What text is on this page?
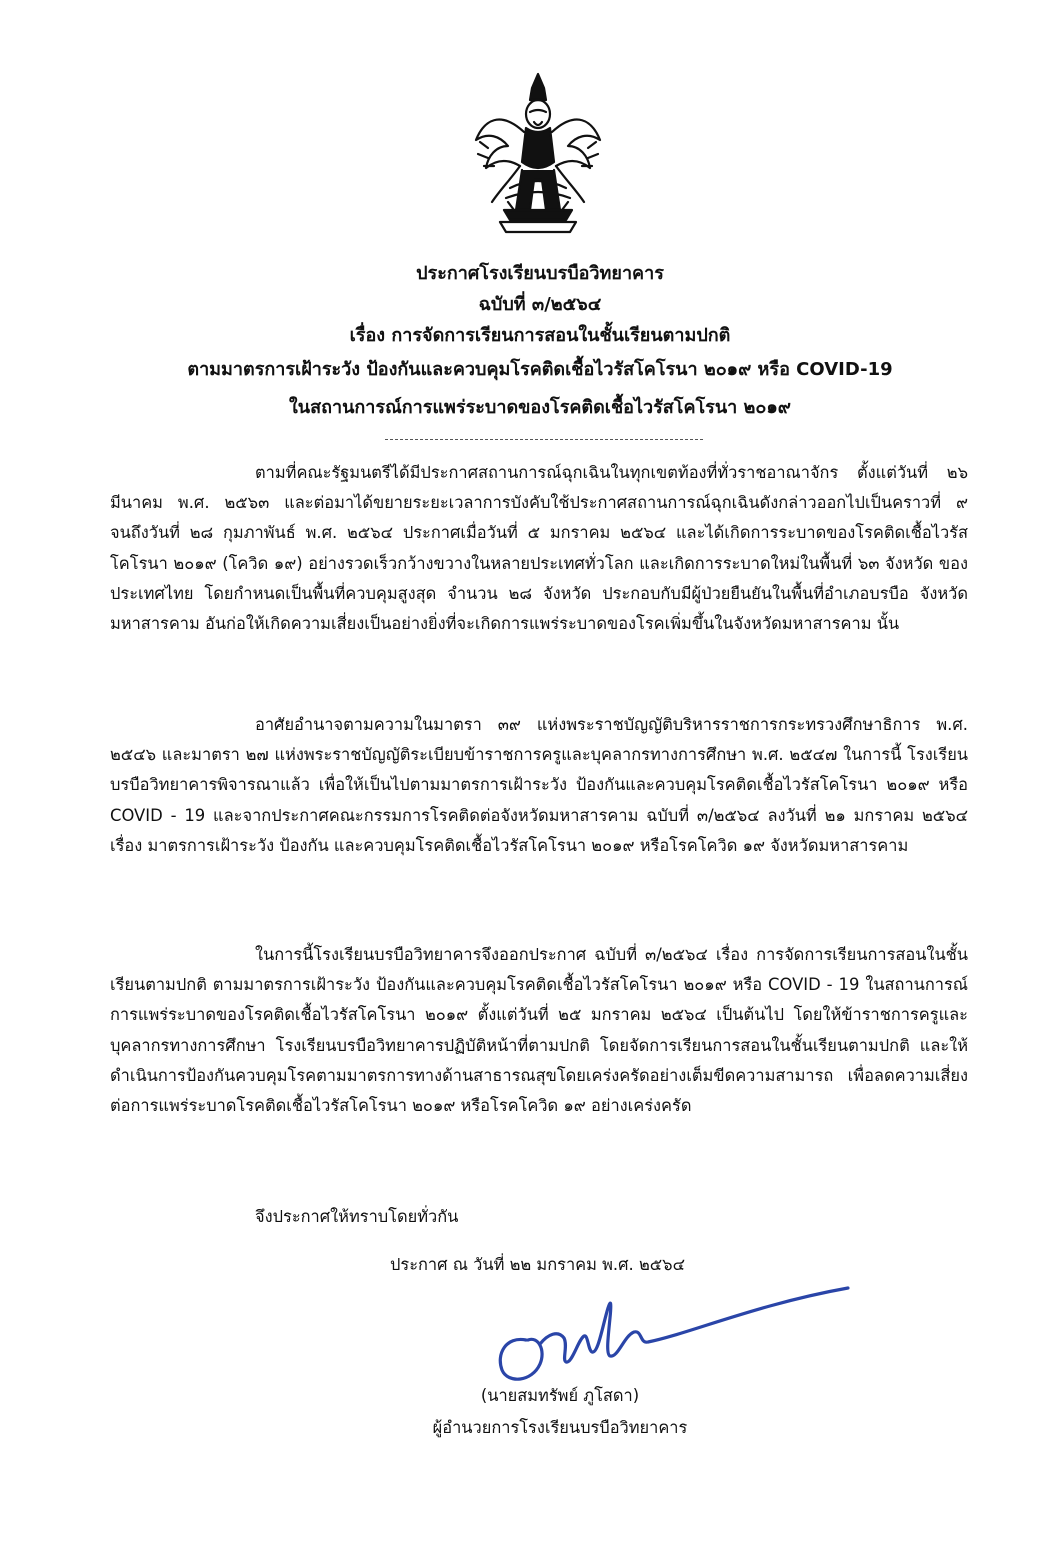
ประกาศโรงเรียนบรบือวิทยาคาร
ฉบับที่ ๓/๒๕๖๔
เรื่อง การจัดการเรียนการสอนในชั้นเรียนตามปกติ
ตามมาตรการเฝ้าระวัง ป้องกันและควบคุมโรคติดเชื้อไวรัสโคโรนา ๒๐๑๙ หรือ COVID-19
ในสถานการณ์การแพร่ระบาดของโรคติดเชื้อไวรัสโคโรนา ๒๐๑๙

ตามที่คณะรัฐมนตรีได้มีประกาศสถานการณ์ฉุกเฉินในทุกเขตท้องที่ทั่วราชอาณาจักร ตั้งแต่วันที่ ๒๖ มีนาคม พ.ศ. ๒๕๖๓ และต่อมาได้ขยายระยะเวลาการบังคับใช้ประกาศสถานการณ์ฉุกเฉินดังกล่าวออกไปเป็นคราวที่ ๙ จนถึงวันที่ ๒๘ กุมภาพันธ์ พ.ศ. ๒๕๖๔ ประกาศเมื่อวันที่ ๕ มกราคม ๒๕๖๔ และได้เกิดการระบาดของโรคติดเชื้อไวรัส โคโรนา ๒๐๑๙ (โควิด ๑๙) อย่างรวดเร็วกว้างขวางในหลายประเทศทั่วโลก และเกิดการระบาดใหม่ในพื้นที่ ๖๓ จังหวัด ของประเทศไทย โดยกำหนดเป็นพื้นที่ควบคุมสูงสุด จำนวน ๒๘ จังหวัด ประกอบกับมีผู้ป่วยยืนยันในพื้นที่อำเภอบรบือ จังหวัดมหาสารคาม อันก่อให้เกิดความเสี่ยงเป็นอย่างยิ่งที่จะเกิดการแพร่ระบาดของโรคเพิ่มขึ้นในจังหวัดมหาสารคาม นั้น

อาศัยอำนาจตามความในมาตรา ๓๙ แห่งพระราชบัญญัติบริหารราชการกระทรวงศึกษาธิการ พ.ศ. ๒๕๔๖ และมาตรา ๒๗ แห่งพระราชบัญญัติระเบียบข้าราชการครูและบุคลากรทางการศึกษา พ.ศ. ๒๕๔๗ ในการนี้ โรงเรียนบรบือวิทยาคารพิจารณาแล้ว เพื่อให้เป็นไปตามมาตรการเฝ้าระวัง ป้องกันและควบคุมโรคติดเชื้อไวรัสโคโรนา ๒๐๑๙ หรือ COVID - 19 และจากประกาศคณะกรรมการโรคติดต่อจังหวัดมหาสารคาม ฉบับที่ ๓/๒๕๖๔ ลงวันที่ ๒๑ มกราคม ๒๕๖๔ เรื่อง มาตรการเฝ้าระวัง ป้องกัน และควบคุมโรคติดเชื้อไวรัสโคโรนา ๒๐๑๙ หรือโรคโควิด ๑๙ จังหวัดมหาสารคาม

ในการนี้โรงเรียนบรบือวิทยาคารจึงออกประกาศ ฉบับที่ ๓/๒๕๖๔ เรื่อง การจัดการเรียนการสอนในชั้นเรียนตามปกติ ตามมาตรการเฝ้าระวัง ป้องกันและควบคุมโรคติดเชื้อไวรัสโคโรนา ๒๐๑๙ หรือ COVID - 19 ในสถานการณ์การแพร่ระบาดของโรคติดเชื้อไวรัสโคโรนา ๒๐๑๙ ตั้งแต่วันที่ ๒๕ มกราคม ๒๕๖๔ เป็นต้นไป โดยให้ข้าราชการครูและบุคลากรทางการศึกษา โรงเรียนบรบือวิทยาคารปฏิบัติหน้าที่ตามปกติ โดยจัดการเรียนการสอนในชั้นเรียนตามปกติ และให้ดำเนินการป้องกันควบคุมโรคตามมาตรการทางด้านสาธารณสุขโดยเคร่งครัดอย่างเต็มขีดความสามารถ เพื่อลดความเสี่ยงต่อการแพร่ระบาดโรคติดเชื้อไวรัสโคโรนา ๒๐๑๙ หรือโรคโควิด ๑๙ อย่างเคร่งครัด

จึงประกาศให้ทราบโดยทั่วกัน
ประกาศ ณ วันที่ ๒๒ มกราคม พ.ศ. ๒๕๖๔
(นายสมทรัพย์ ภูโสดา)
ผู้อำนวยการโรงเรียนบรบือวิทยาคาร
